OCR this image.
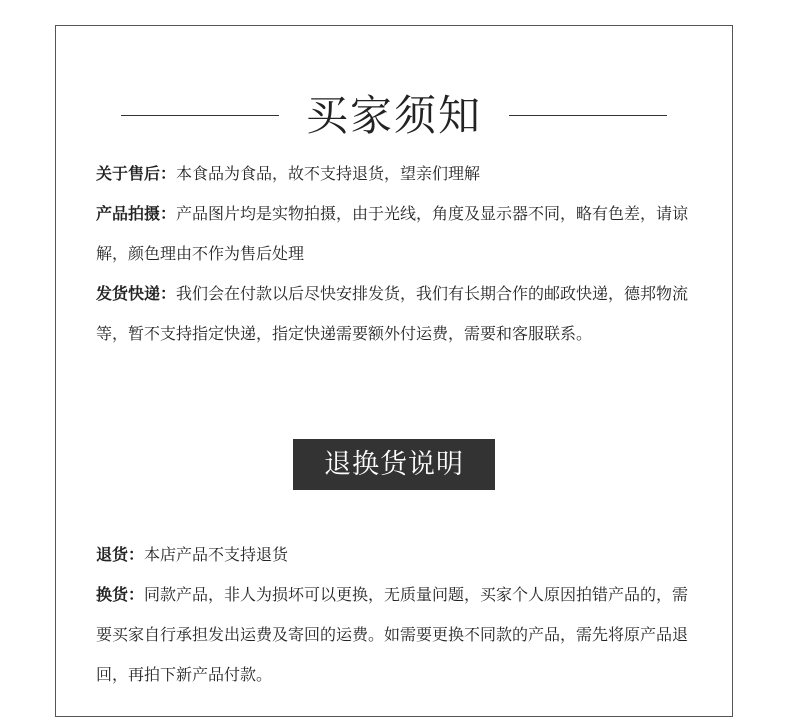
买家须知

关于售后：本食品为食品，故不支持退货，望亲们理解

产品拍摄：产品图片均是实物拍摄，由于光线，角度及显示器不同，略有色差，请谅解，颜色理由不作为售后处理

发货快递：我们会在付款以后尽快安排发货，我们有长期合作的邮政快递，德邦物流等，暂不支持指定快递，指定快递需要额外付运费，需要和客服联系。

退换货说明

退货：本店产品不支持退货

换货：同款产品，非人为损坏可以更换，无质量问题，买家个人原因拍错产品的，需要买家自行承担发出运费及寄回的运费。如需要更换不同款的产品，需先将原产品退回，再拍下新产品付款。
